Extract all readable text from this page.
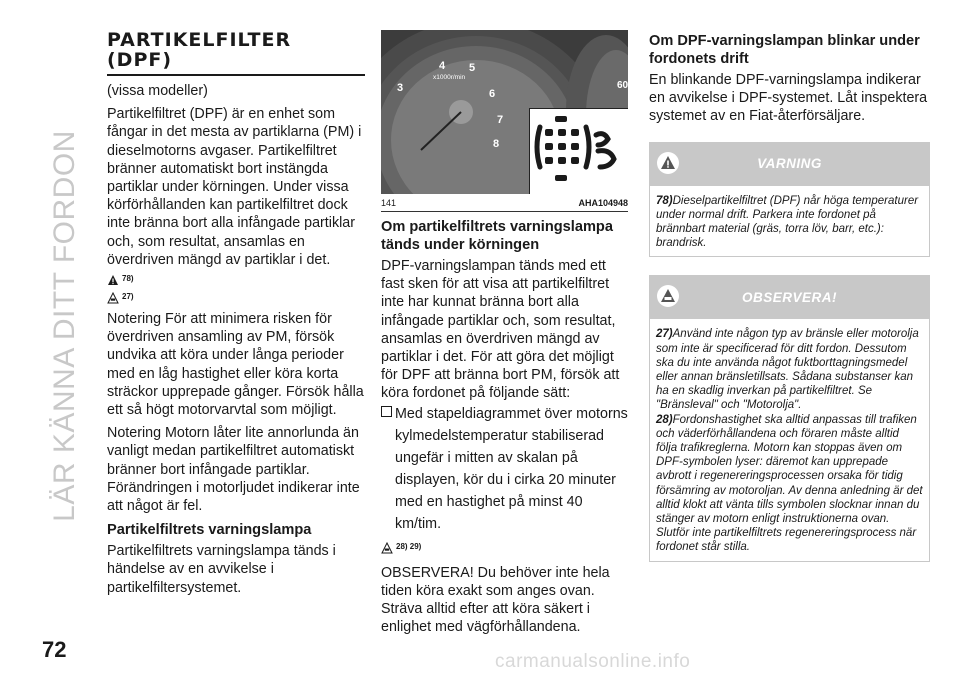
LÄR KÄNNA DITT FORDON
PARTIKELFILTER
(DPF)

(vissa modeller)

Partikelfiltret (DPF) är en enhet som fångar in det mesta av partiklarna (PM) i dieselmotorns avgaser. Partikelfiltret bränner automatiskt bort instängda partiklar under körningen. Under vissa körförhållanden kan partikelfiltret dock inte bränna bort alla infångade partiklar och, som resultat, ansamlas en överdriven mängd av partiklar i det.

78)
27)

Notering För att minimera risken för överdriven ansamling av PM, försök undvika att köra under långa perioder med en låg hastighet eller köra korta sträckor upprepade gånger. Försök hålla ett så högt motorvarvtal som möjligt.

Notering Motorn låter lite annorlunda än vanligt medan partikelfiltret automatiskt bränner bort infångade partiklar. Förändringen i motorljudet indikerar inte att något är fel.

Partikelfiltrets varningslampa

Partikelfiltrets varningslampa tänds i händelse av en avvikelse i partikelfiltersystemet.

3
4 5
6
7
8
60
x1000r/min
141	AHA104948
Om partikelfiltrets varningslampa tänds under körningen

DPF-varningslampan tänds med ett fast sken för att visa att partikelfiltret inte har kunnat bränna bort alla infångade partiklar och, som resultat, ansamlas en överdriven mängd av partiklar i det. För att göra det möjligt för DPF att bränna bort PM, försök att köra fordonet på följande sätt:

Med stapeldiagrammet över motorns kylmedelstemperatur stabiliserad ungefär i mitten av skalan på displayen, kör du i cirka 20 minuter med en hastighet på minst 40 km/tim.

28) 29)

OBSERVERA! Du behöver inte hela tiden köra exakt som anges ovan. Sträva alltid efter att köra säkert i enlighet med vägförhållandena.

Om DPF-varningslampan blinkar under fordonets drift

En blinkande DPF-varningslampa indikerar en avvikelse i DPF-systemet. Låt inspektera systemet av en Fiat-återförsäljare.

VARNING

78)Dieselpartikelfiltret (DPF) når höga temperaturer under normal drift. Parkera inte fordonet på brännbart material (gräs, torra löv, barr, etc.): brandrisk.

OBSERVERA!

27)Använd inte någon typ av bränsle eller motorolja som inte är specificerad för ditt fordon. Dessutom ska du inte använda något fuktborttagningsmedel eller annan bränsletillsats. Sådana substanser kan ha en skadlig inverkan på partikelfiltret. Se "Bränsleval" och "Motorolja".

28)Fordonshastighet ska alltid anpassas till trafiken och väderförhållandena och föraren måste alltid följa trafikreglerna. Motorn kan stoppas även om DPF-symbolen lyser: däremot kan upprepade avbrott i regenereringsprocessen orsaka för tidig försämring av motoroljan. Av denna anledning är det alltid klokt att vänta tills symbolen slocknar innan du stänger av motorn enligt instruktionerna ovan. Slutför inte partikelfiltrets regenereringsprocess när fordonet står stilla.

72	carmanualsonline.info
